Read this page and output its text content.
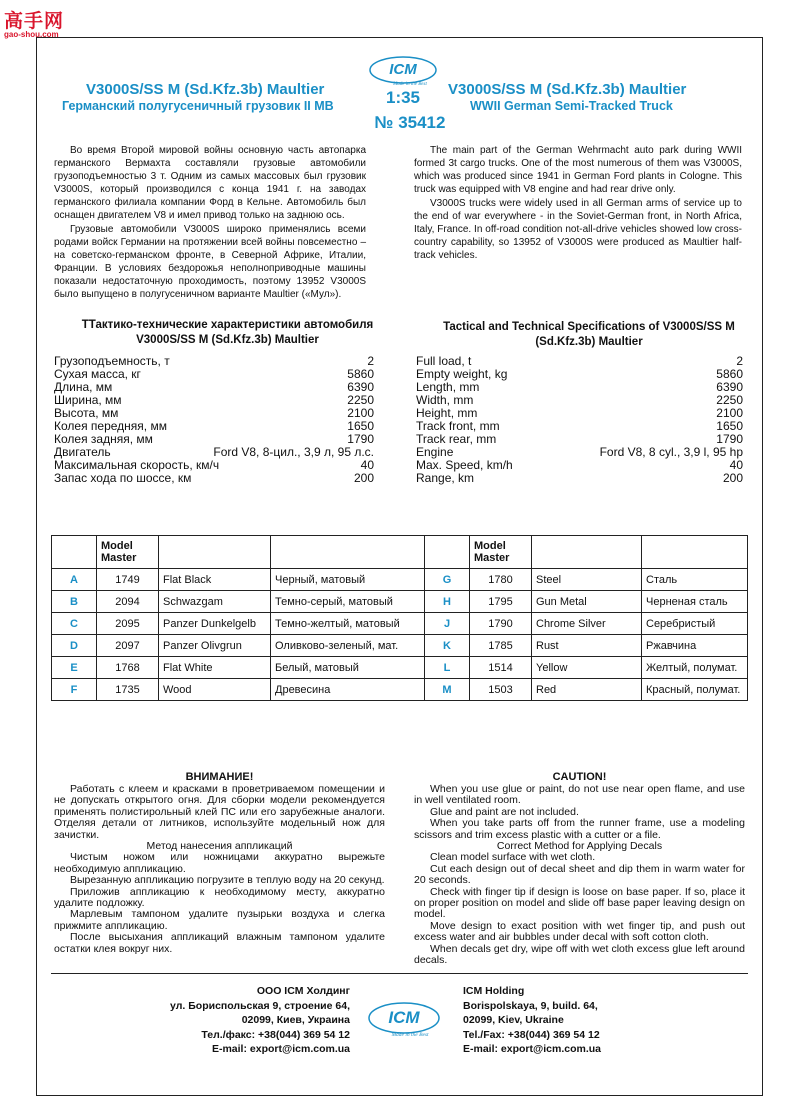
高手网
gao-shou.com
V3000S/SS M (Sd.Kfz.3b) Maultier
Германский полугусеничный грузовик II МВ
ICM
Made in the Best
1:35
№ 35412
V3000S/SS M (Sd.Kfz.3b) Maultier
WWII German Semi-Tracked Truck

Во время Второй мировой войны основную часть автопарка германского Вермахта составляли грузовые автомобили грузоподъемностью 3 т. Одним из самых массовых был грузовик V3000S, который производился с конца 1941 г. на заводах германского филиала компании Форд в Кельне. Автомобиль был оснащен двигателем V8 и имел привод только на заднюю ось.

Грузовые автомобили V3000S широко применялись всеми родами войск Германии на протяжении всей войны повсеместно – на советско-германском фронте, в Северной Африке, Италии, Франции. В условиях бездорожья неполноприводные машины показали недостаточную проходимость, поэтому 13952 V3000S было выпущено в полугусеничном варианте Maultier («Мул»).

The main part of the German Wehrmacht auto park during WWII formed 3t cargo trucks. One of the most numerous of them was V3000S, which was produced since 1941 in German Ford plants in Cologne. This truck was equipped with V8 engine and had rear drive only.

V3000S trucks were widely used in all German arms of service up to the end of war everywhere - in the Soviet-German front, in North Africa, Italy, France. In off-road condition not-all-drive vehicles showed low cross-country capability, so 13952 of V3000S were produced as Maultier half-track vehicles.

ТТактико-технические характеристики автомобиля V3000S/SS M (Sd.Kfz.3b) Maultier
Грузоподъемность, т	2
Сухая масса, кг	5860
Длина, мм	6390
Ширина, мм	2250
Высота, мм	2100
Колея передняя, мм	1650
Колея задняя, мм	1790
Двигатель	Ford V8, 8-цил., 3,9 л, 95 л.с.
Максимальная скорость, км/ч	40
Запас хода по шоссе, км	200
Tactical and Technical Specifications of V3000S/SS M (Sd.Kfz.3b) Maultier
Full load, t	2
Empty weight, kg	5860
Length, mm	6390
Width, mm	2250
Height, mm	2100
Track front, mm	1650
Track rear, mm	1790
Engine	Ford V8, 8 cyl., 3,9 l, 95 hp
Max. Speed, km/h	40
Range, km	200
	Model Master				Model Master		
A	1749	Flat Black	Черный, матовый	G	1780	Steel	Сталь
B	2094	Schwazgam	Темно-серый, матовый	H	1795	Gun Metal	Черненая сталь
C	2095	Panzer Dunkelgelb	Темно-желтый, матовый	J	1790	Chrome Silver	Серебристый
D	2097	Panzer Olivgrun	Оливково-зеленый, мат.	K	1785	Rust	Ржавчина
E	1768	Flat White	Белый, матовый	L	1514	Yellow	Желтый, полумат.
F	1735	Wood	Древесина	M	1503	Red	Красный, полумат.
ВНИМАНИЕ!

Работать с клеем и красками в проветриваемом помещении и не допускать открытого огня. Для сборки модели рекомендуется применять полистирольный клей ПС или его зарубежные аналоги. Отделяя детали от литников, используйте модельный нож для зачистки.

Метод нанесения аппликаций

Чистым ножом или ножницами аккуратно вырежьте необходимую аппликацию.

Вырезанную аппликацию погрузите в теплую воду на 20 секунд.

Приложив аппликацию к необходимому месту, аккуратно удалите подложку.

Марлевым тампоном удалите пузырьки воздуха и слегка прижмите аппликацию.

После высыхания аппликаций влажным тампоном удалите остатки клея вокруг них.

CAUTION!

When you use glue or paint, do not use near open flame, and use in well ventilated room.

Glue and paint are not included.

When you take parts off from the runner frame, use a modeling scissors and trim excess plastic with a cutter or a file.

Correct Method for Applying Decals

Clean model surface with wet cloth.

Cut each design out of decal sheet and dip them in warm water for 20 seconds.

Check with finger tip if design is loose on base paper. If so, place it on proper position on model and slide off base paper leaving design on model.

Move design to exact position with wet finger tip, and push out excess water and air bubbles under decal with soft cotton cloth.

When decals get dry, wipe off with wet cloth excess glue left around decals.

ООО ICM Холдинг
ул. Бориспольская 9, строение 64,
02099, Киев, Украина
Тел./факс: +38(044) 369 54 12
E-mail: export@icm.com.ua
ICM
Made in the Best
ICM Holding
Borispolskaya, 9, build. 64,
02099, Kiev, Ukraine
Tel./Fax: +38(044) 369 54 12
E-mail: export@icm.com.ua
